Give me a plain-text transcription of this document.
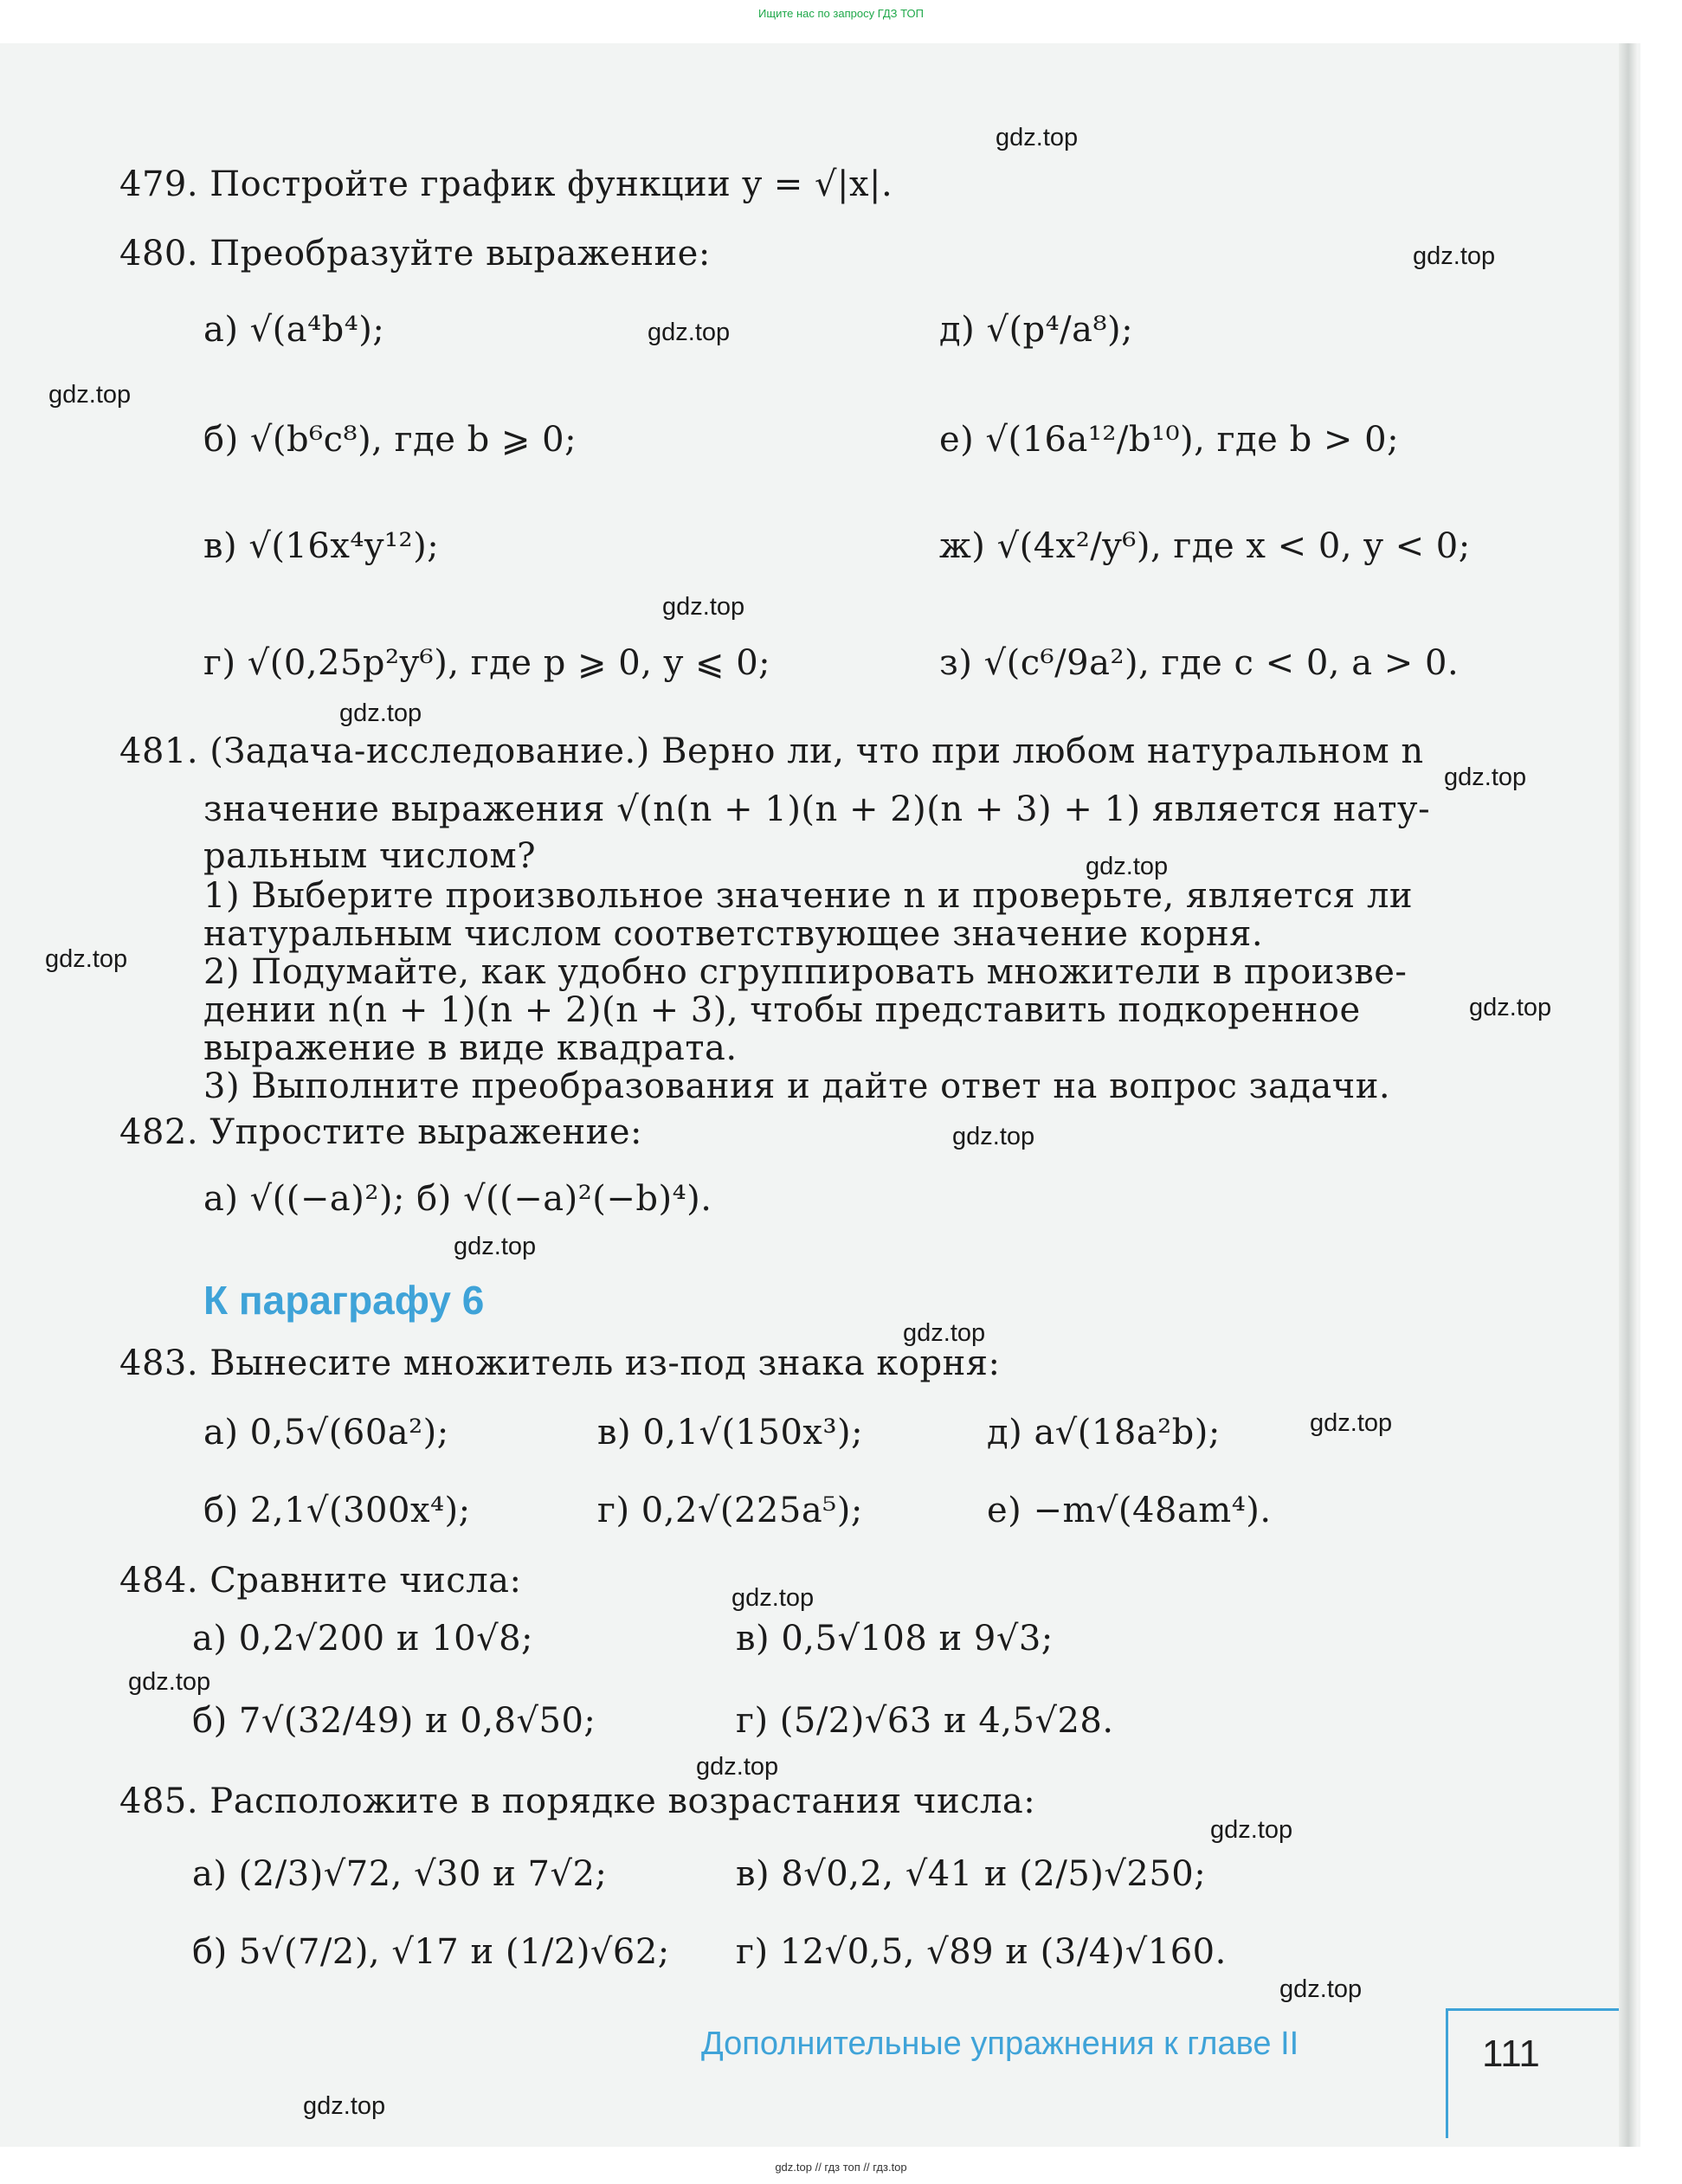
Ищите нас по запросу ГДЗ ТОП
gdz.top
gdz.top
gdz.top
gdz.top
gdz.top
gdz.top
gdz.top
gdz.top
gdz.top
gdz.top
gdz.top
gdz.top
gdz.top
gdz.top
gdz.top
gdz.top
gdz.top
gdz.top
gdz.top
gdz.top
479. Постройте график функции y = √|x|.
480. Преобразуйте выражение:
а) √(a⁴b⁴);	д) √(p⁴/a⁸);
б) √(b⁶c⁸), где b ⩾ 0;	е) √(16a¹²/b¹⁰), где b > 0;
в) √(16x⁴y¹²);	ж) √(4x²/y⁶), где x < 0, y < 0;
г) √(0,25p²y⁶), где p ⩾ 0, y ⩽ 0;	з) √(c⁶/9a²), где c < 0, a > 0.
481. (Задача-исследование.) Верно ли, что при любом натуральном n
значение выражения √(n(n + 1)(n + 2)(n + 3) + 1) является нату-
ральным числом?
1) Выберите произвольное значение n и проверьте, является ли
натуральным числом соответствующее значение корня.
2) Подумайте, как удобно сгруппировать множители в произве-
дении n(n + 1)(n + 2)(n + 3), чтобы представить подкоренное
выражение в виде квадрата.
3) Выполните преобразования и дайте ответ на вопрос задачи.
482. Упростите выражение:
а) √((−a)²); б) √((−a)²(−b)⁴).
К параграфу 6
483. Вынесите множитель из-под знака корня:
а) 0,5√(60a²);	в) 0,1√(150x³);	д) a√(18a²b);
б) 2,1√(300x⁴);	г) 0,2√(225a⁵);	е) −m√(48am⁴).
484. Сравните числа:
а) 0,2√200 и 10√8;	в) 0,5√108 и 9√3;
б) 7√(32/49) и 0,8√50;	г) (5/2)√63 и 4,5√28.
485. Расположите в порядке возрастания числа:
а) (2/3)√72, √30 и 7√2;	в) 8√0,2, √41 и (2/5)√250;
б) 5√(7/2), √17 и (1/2)√62; г) 12√0,5, √89 и (3/4)√160.
Дополнительные упражнения к главе II	111
gdz.top // гдз топ // гдз.top
